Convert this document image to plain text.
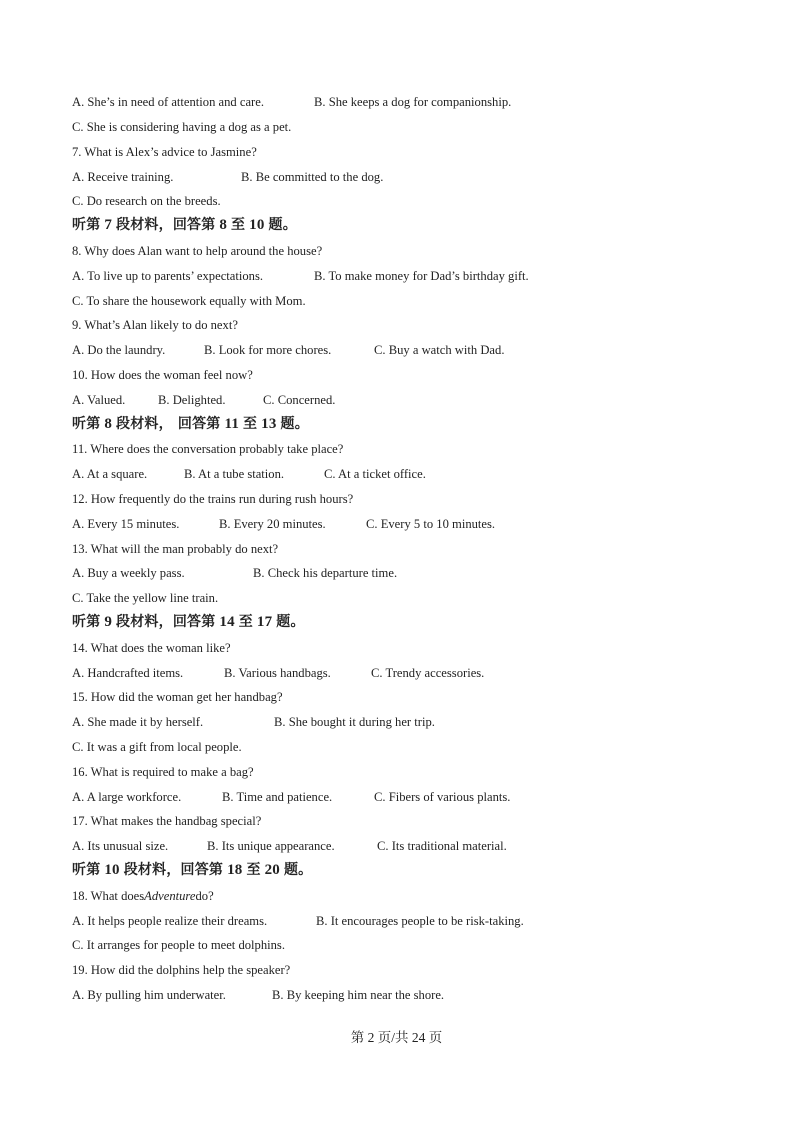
A. She’s in need of attention and care.	B. She keeps a dog for companionship.
C. She is considering having a dog as a pet.
7. What is Alex’s advice to Jasmine?
A. Receive training.	B. Be committed to the dog.
C. Do research on the breeds.
听第 7 段材料，回答第 8 至 10 题。
8. Why does Alan want to help around the house?
A. To live up to parents’ expectations.	B. To make money for Dad’s birthday gift.
C. To share the housework equally with Mom.
9. What’s Alan likely to do next?
A. Do the laundry.	B. Look for more chores.	C. Buy a watch with Dad.
10. How does the woman feel now?
A. Valued.	B. Delighted.	C. Concerned.
听第 8 段材料， 回答第 11 至 13 题。
11. Where does the conversation probably take place?
A. At a square.	B. At a tube station.	C. At a ticket office.
12. How frequently do the trains run during rush hours?
A. Every 15 minutes.	B. Every 20 minutes.	C. Every 5 to 10 minutes.
13. What will the man probably do next?
A. Buy a weekly pass.	B. Check his departure time.
C. Take the yellow line train.
听第 9 段材料，回答第 14 至 17 题。
14. What does the woman like?
A. Handcrafted items.	B. Various handbags.	C. Trendy accessories.
15. How did the woman get her handbag?
A. She made it by herself.	B. She bought it during her trip.
C. It was a gift from local people.
16. What is required to make a bag?
A. A large workforce.	B. Time and patience.	C. Fibers of various plants.
17. What makes the handbag special?
A. Its unusual size.	B. Its unique appearance.	C. Its traditional material.
听第 10 段材料，回答第 18 至 20 题。
18. What doesAdventuredo?
A. It helps people realize their dreams.	B. It encourages people to be risk-taking.
C. It arranges for people to meet dolphins.
19. How did the dolphins help the speaker?
A. By pulling him underwater.	B. By keeping him near the shore.
第 2 页/共 24 页
